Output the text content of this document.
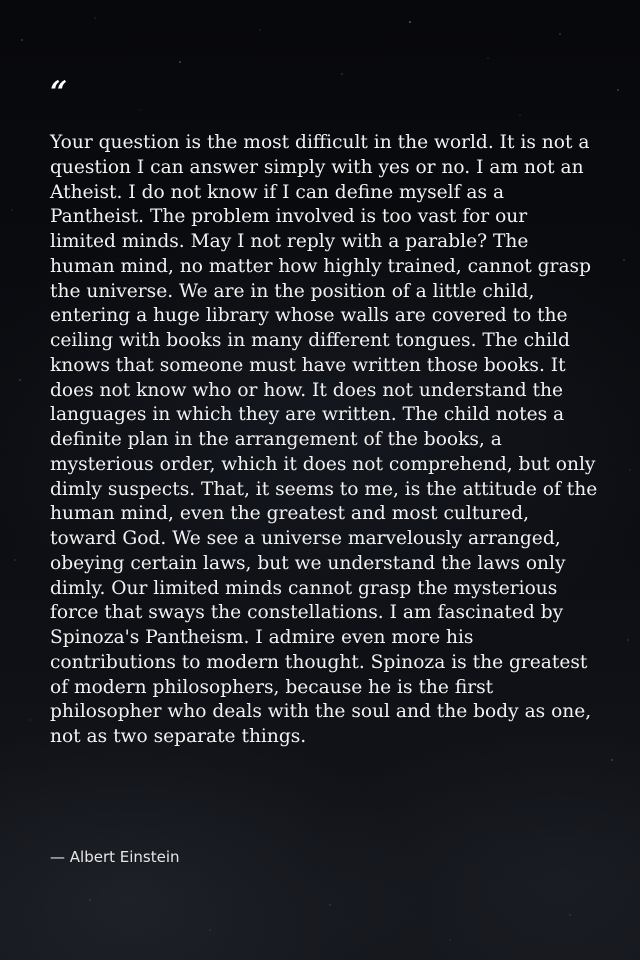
“

Your question is the most difficult in the world. It is not a question I can answer simply with yes or no. I am not an Atheist. I do not know if I can define myself as a Pantheist. The problem involved is too vast for our limited minds. May I not reply with a parable? The human mind, no matter how highly trained, cannot grasp the universe. We are in the position of a little child, entering a huge library whose walls are covered to the ceiling with books in many different tongues. The child knows that someone must have written those books. It does not know who or how. It does not understand the languages in which they are written. The child notes a definite plan in the arrangement of the books, a mysterious order, which it does not comprehend, but only dimly suspects. That, it seems to me, is the attitude of the human mind, even the greatest and most cultured, toward God. We see a universe marvelously arranged, obeying certain laws, but we understand the laws only dimly. Our limited minds cannot grasp the mysterious force that sways the constellations. I am fascinated by Spinoza's Pantheism. I admire even more his contributions to modern thought. Spinoza is the greatest of modern philosophers, because he is the first philosopher who deals with the soul and the body as one, not as two separate things.

— Albert Einstein
